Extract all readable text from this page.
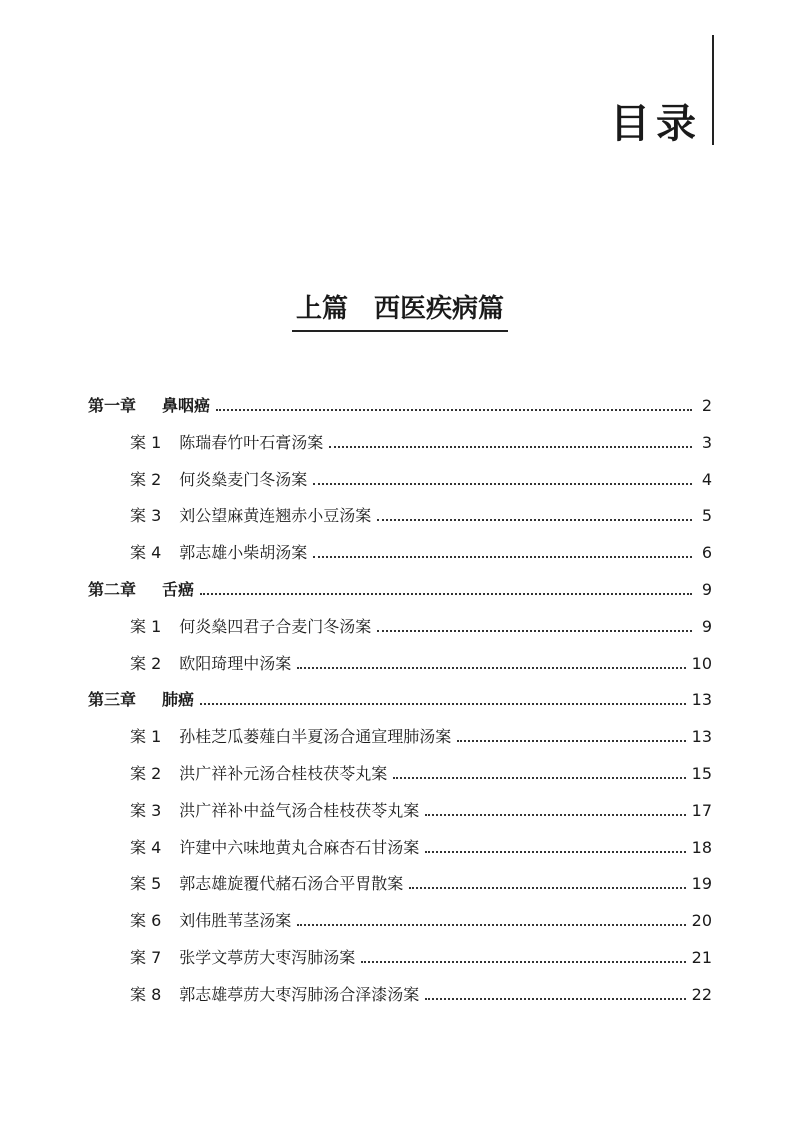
目录
上篇 西医疾病篇
第一章 鼻咽癌	2
案 1 陈瑞春竹叶石膏汤案	3
案 2 何炎燊麦门冬汤案	4
案 3 刘公望麻黄连翘赤小豆汤案	5
案 4 郭志雄小柴胡汤案	6
第二章 舌癌	9
案 1 何炎燊四君子合麦门冬汤案	9
案 2 欧阳琦理中汤案	10
第三章 肺癌	13
案 1 孙桂芝瓜蒌薤白半夏汤合通宣理肺汤案	13
案 2 洪广祥补元汤合桂枝茯苓丸案	15
案 3 洪广祥补中益气汤合桂枝茯苓丸案	17
案 4 许建中六味地黄丸合麻杏石甘汤案	18
案 5 郭志雄旋覆代赭石汤合平胃散案	19
案 6 刘伟胜苇茎汤案	20
案 7 张学文葶苈大枣泻肺汤案	21
案 8 郭志雄葶苈大枣泻肺汤合泽漆汤案	22
